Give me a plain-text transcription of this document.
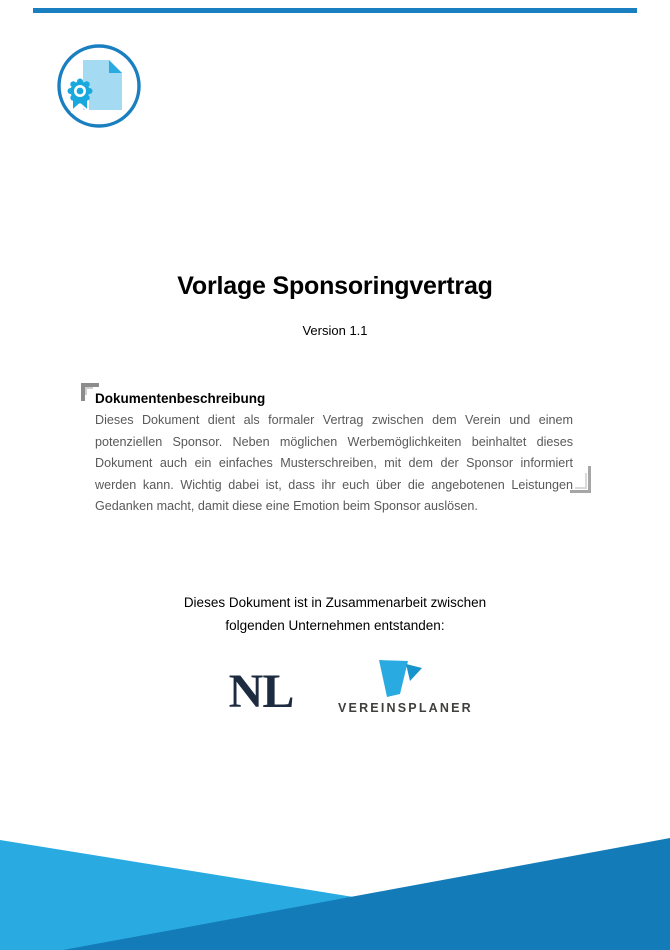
Vorlage Sponsoringvertrag
Version 1.1

Dokumentenbeschreibung

Dieses Dokument dient als formaler Vertrag zwischen dem Verein und einem potenziellen Sponsor. Neben möglichen Werbemöglichkeiten beinhaltet dieses Dokument auch ein einfaches Musterschreiben, mit dem der Sponsor informiert werden kann. Wichtig dabei ist, dass ihr euch über die angebotenen Leistungen Gedanken macht, damit diese eine Emotion beim Sponsor auslösen.

Dieses Dokument ist in Zusammenarbeit zwischen
folgenden Unternehmen entstanden:
NL	VEREINSPLANER
